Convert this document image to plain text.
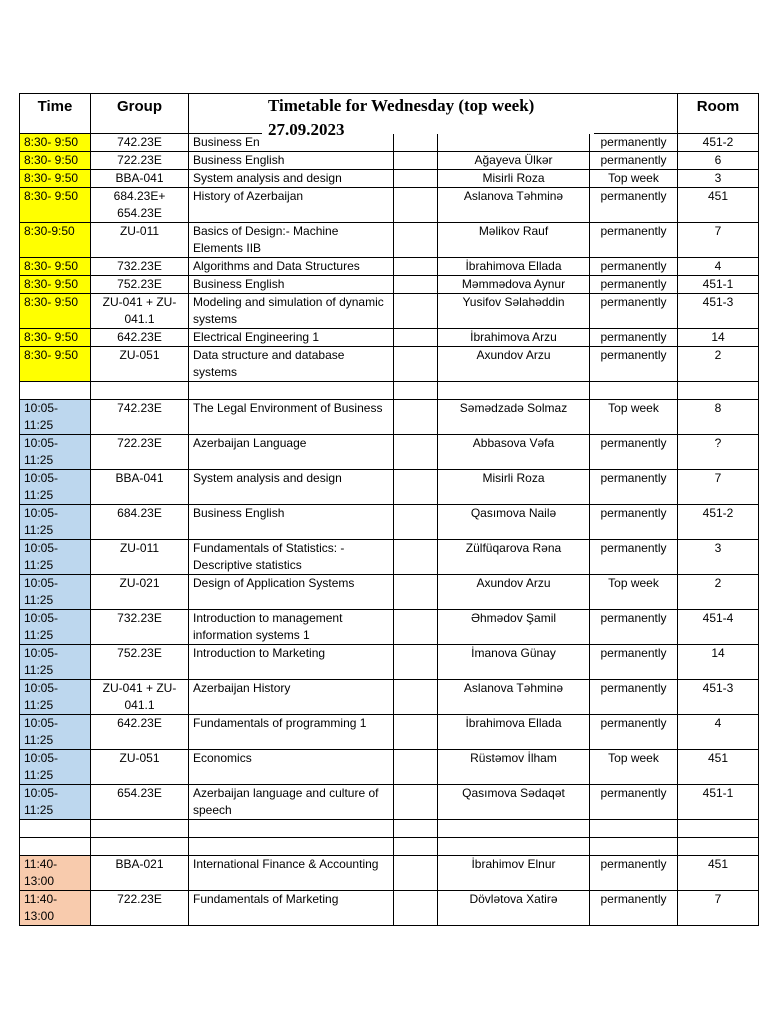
Time	Group					Room
8:30- 9:50	742.23E	Business En			permanently	451-2
8:30- 9:50	722.23E	Business English		Ağayeva Ülkər	permanently	6
8:30- 9:50	BBA-041	System analysis and design		Misirli Roza	Top week	3
8:30- 9:50	684.23E+
654.23E	History of Azerbaijan		Aslanova Təhminə	permanently	451
8:30-9:50	ZU-011	Basics of Design:- Machine Elements IIB		Məlikov Rauf	permanently	7
8:30- 9:50	732.23E	Algorithms and Data Structures		İbrahimova Ellada	permanently	4
8:30- 9:50	752.23E	Business English		Məmmədova Aynur	permanently	451-1
8:30- 9:50	ZU-041 + ZU-041.1	Modeling and simulation of dynamic systems		Yusifov Səlahəddin	permanently	451-3
8:30- 9:50	642.23E	Electrical Engineering 1		İbrahimova Arzu	permanently	14
8:30- 9:50	ZU-051	Data structure and database systems		Axundov Arzu	permanently	2

10:05-
11:25	742.23E	The Legal Environment of Business		Səmədzadə Solmaz	Top week	8
10:05-
11:25	722.23E	Azerbaijan Language		Abbasova Vəfa	permanently	?
10:05-
11:25	BBA-041	System analysis and design		Misirli Roza	permanently	7
10:05-
11:25	684.23E	Business English		Qasımova Nailə	permanently	451-2
10:05-
11:25	ZU-011	Fundamentals of Statistics: - Descriptive statistics		Zülfüqarova Rəna	permanently	3
10:05-
11:25	ZU-021	Design of Application Systems		Axundov Arzu	Top week	2
10:05-
11:25	732.23E	Introduction to management information systems 1		Əhmədov Şamil	permanently	451-4
10:05-
11:25	752.23E	Introduction to Marketing		İmanova Günay	permanently	14
10:05-
11:25	ZU-041 + ZU-041.1	Azerbaijan History		Aslanova Təhminə	permanently	451-3
10:05-
11:25	642.23E	Fundamentals of programming 1		İbrahimova Ellada	permanently	4
10:05-
11:25	ZU-051	Economics		Rüstəmov İlham	Top week	451
10:05-
11:25	654.23E	Azerbaijan language and culture of speech		Qasımova Sədaqət	permanently	451-1

11:40-
13:00	BBA-021	International Finance & Accounting		İbrahimov Elnur	permanently	451
11:40-
13:00	722.23E	Fundamentals of Marketing		Dövlətova Xatirə	permanently	7
Timetable for Wednesday (top week)
27.09.2023
